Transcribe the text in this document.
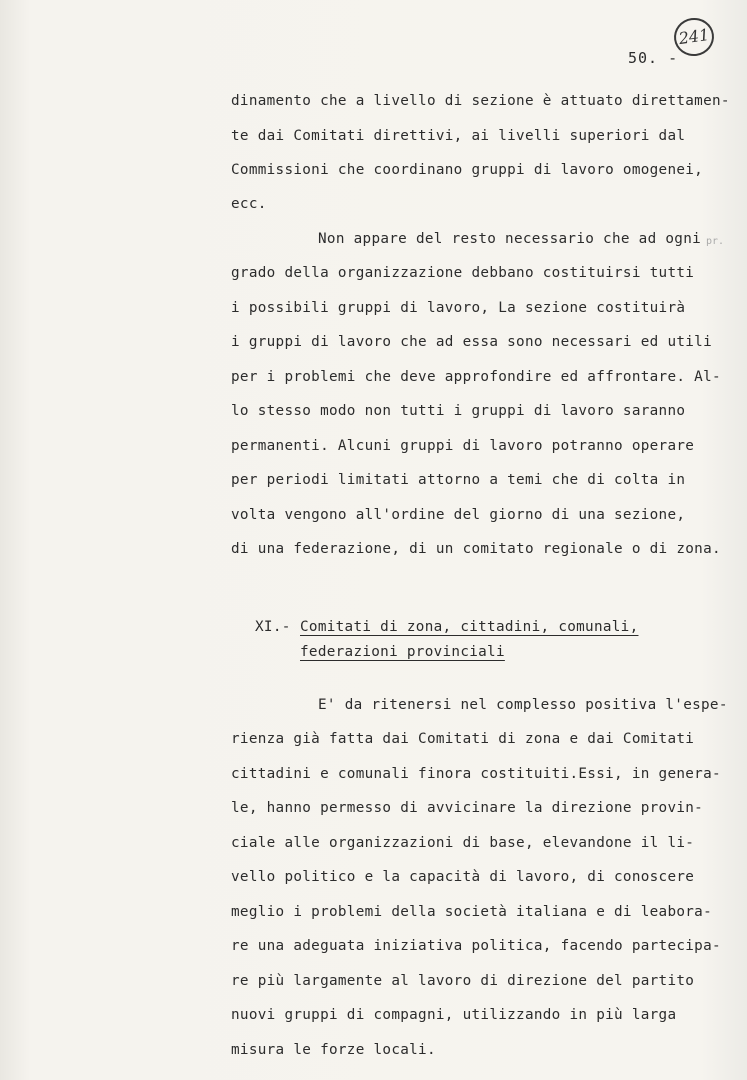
241
50. -
pr.
dinamento che a livello di sezione è attuato direttamen-
te dai Comitati direttivi, ai livelli superiori dal
Commissioni che coordinano gruppi di lavoro omogenei,
ecc.
Non appare del resto necessario che ad ogni
grado della organizzazione debbano costituirsi tutti
i possibili gruppi di lavoro, La sezione costituirà
i gruppi di lavoro che ad essa sono necessari ed utili
per i problemi che deve approfondire ed affrontare. Al-
lo stesso modo non tutti i gruppi di lavoro saranno
permanenti. Alcuni gruppi di lavoro potranno operare
per periodi limitati attorno a temi che di colta in
volta vengono all'ordine del giorno di una sezione,
di una federazione, di un comitato regionale o di zona.
XI.- Comitati di zona, cittadini, comunali,
federazioni provinciali
E' da ritenersi nel complesso positiva l'espe-
rienza già fatta dai Comitati di zona e dai Comitati
cittadini e comunali finora costituiti.Essi, in genera-
le, hanno permesso di avvicinare la direzione provin-
ciale alle organizzazioni di base, elevandone il li-
vello politico e la capacità di lavoro, di conoscere
meglio i problemi della società italiana e di leabora-
re una adeguata iniziativa politica, facendo partecipa-
re più largamente al lavoro di direzione del partito
nuovi gruppi di compagni, utilizzando in più larga
misura le forze locali.
